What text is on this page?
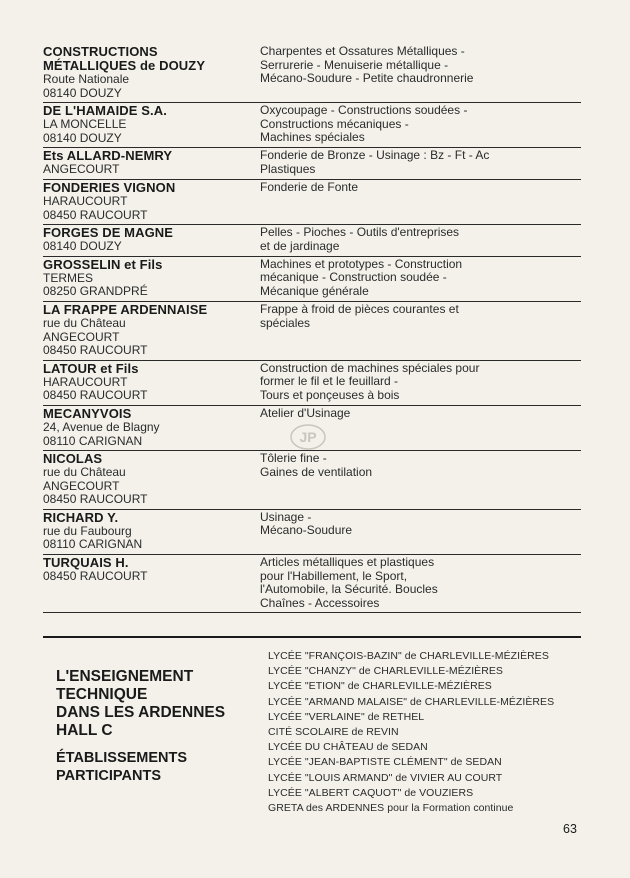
CONSTRUCTIONS
MÉTALLIQUES de DOUZY
Route Nationale
08140 DOUZY
Charpentes et Ossatures Métalliques -
Serrurerie - Menuiserie métallique -
Mécano-Soudure - Petite chaudronnerie
DE L'HAMAIDE S.A.
LA MONCELLE
08140 DOUZY
Oxycoupage - Constructions soudées -
Constructions mécaniques -
Machines spéciales
Ets ALLARD-NEMRY
ANGECOURT
Fonderie de Bronze - Usinage : Bz - Ft - Ac
Plastiques
FONDERIES VIGNON
HARAUCOURT
08450 RAUCOURT
Fonderie de Fonte
FORGES DE MAGNE
08140 DOUZY
Pelles - Pioches - Outils d'entreprises
et de jardinage
GROSSELIN et Fils
TERMES
08250 GRANDPRÉ
Machines et prototypes - Construction
mécanique - Construction soudée -
Mécanique générale
LA FRAPPE ARDENNAISE
rue du Château
ANGECOURT
08450 RAUCOURT
Frappe à froid de pièces courantes et
spéciales
LATOUR et Fils
HARAUCOURT
08450 RAUCOURT
Construction de machines spéciales pour
former le fil et le feuillard -
Tours et ponçeuses à bois
MECANYVOIS
24, Avenue de Blagny
08110 CARIGNAN
Atelier d'Usinage
NICOLAS
rue du Château
ANGECOURT
08450 RAUCOURT
Tôlerie fine -
Gaines de ventilation
RICHARD Y.
rue du Faubourg
08110 CARIGNAN
Usinage -
Mécano-Soudure
TURQUAIS H.
08450 RAUCOURT
Articles métalliques et plastiques
pour l'Habillement, le Sport,
l'Automobile, la Sécurité. Boucles
Chaînes - Accessoires
L'ENSEIGNEMENT
TECHNIQUE
DANS LES ARDENNES
HALL C
ÉTABLISSEMENTS
PARTICIPANTS
LYCÉE "FRANÇOIS-BAZIN" de CHARLEVILLE-MÉZIÈRES
LYCÉE "CHANZY" de CHARLEVILLE-MÉZIÈRES
LYCÉE "ETION" de CHARLEVILLE-MÉZIÈRES
LYCÉE "ARMAND MALAISE" de CHARLEVILLE-MÉZIÈRES
LYCÉE "VERLAINE" de RETHEL
CITÉ SCOLAIRE de REVIN
LYCÉE DU CHÂTEAU de SEDAN
LYCÉE "JEAN-BAPTISTE CLÉMENT" de SEDAN
LYCÉE "LOUIS ARMAND" de VIVIER AU COURT
LYCÉE "ALBERT CAQUOT" de VOUZIERS
GRETA des ARDENNES pour la Formation continue
63
JP
